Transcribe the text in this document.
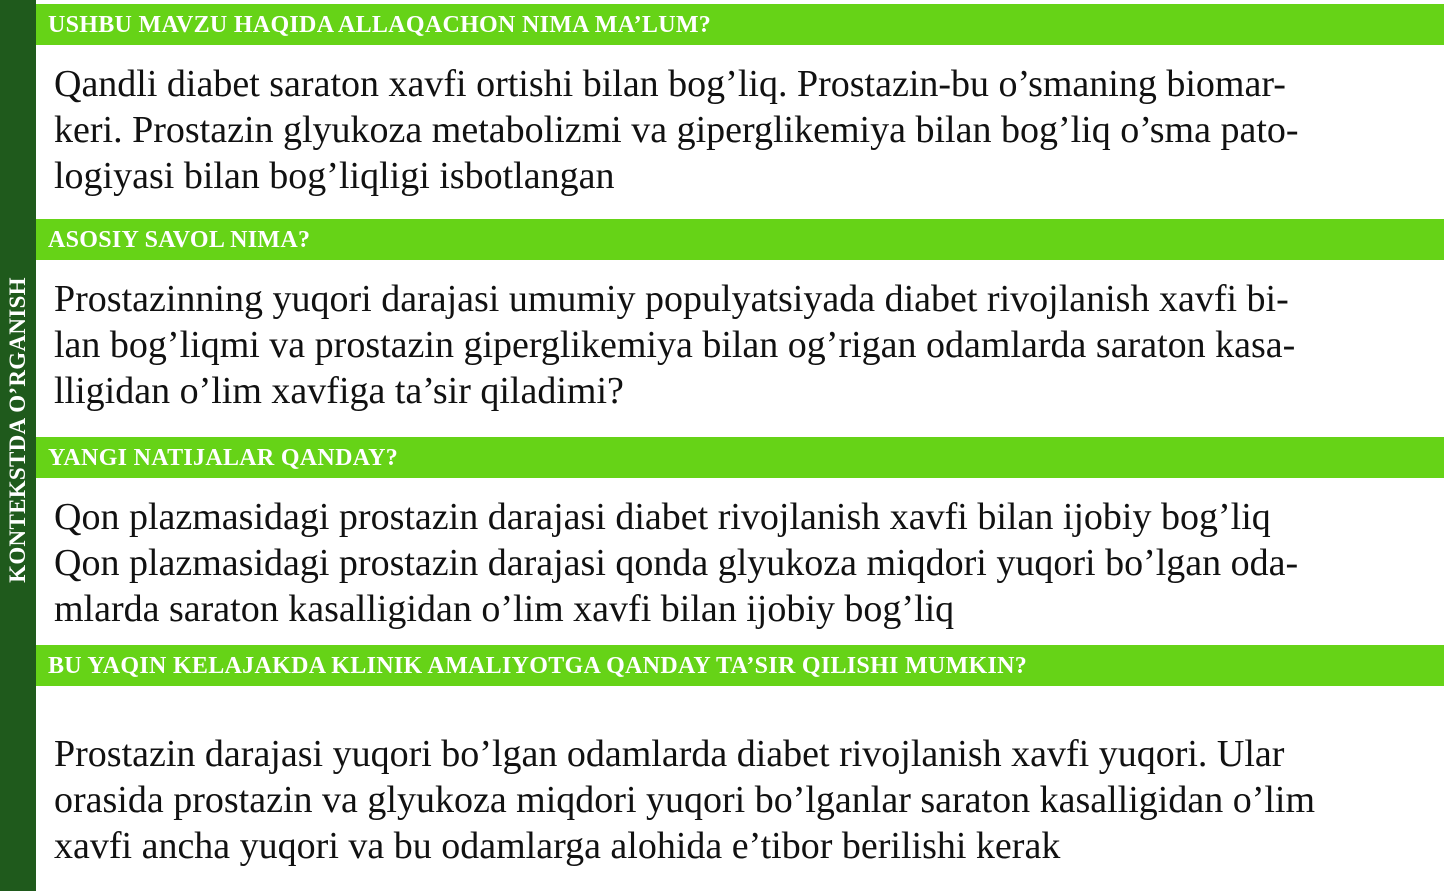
KONTEKSTDA O’RGANISH
USHBU MAVZU HAQIDA ALLAQACHON NIMA MA’LUM?
Qandli diabet saraton xavfi ortishi bilan bog’liq. Prostazin-bu o’smaning biomar-
keri. Prostazin glyukoza metabolizmi va giperglikemiya bilan bog’liq o’sma pato-
logiyasi bilan bog’liqligi isbotlangan
ASOSIY SAVOL NIMA?
Prostazinning yuqori darajasi umumiy populyatsiyada diabet rivojlanish xavfi bi-
lan bog’liqmi va prostazin giperglikemiya bilan og’rigan odamlarda saraton kasa-
lligidan o’lim xavfiga ta’sir qiladimi?
YANGI NATIJALAR QANDAY?
Qon plazmasidagi prostazin darajasi diabet rivojlanish xavfi bilan ijobiy bog’liq
Qon plazmasidagi prostazin darajasi qonda glyukoza miqdori yuqori bo’lgan oda-
mlarda saraton kasalligidan o’lim xavfi bilan ijobiy bog’liq
BU YAQIN KELAJAKDA KLINIK AMALIYOTGA QANDAY TA’SIR QILISHI MUMKIN?
Prostazin darajasi yuqori bo’lgan odamlarda diabet rivojlanish xavfi yuqori. Ular
orasida prostazin va glyukoza miqdori yuqori bo’lganlar saraton kasalligidan o’lim
xavfi ancha yuqori va bu odamlarga alohida e’tibor berilishi kerak
